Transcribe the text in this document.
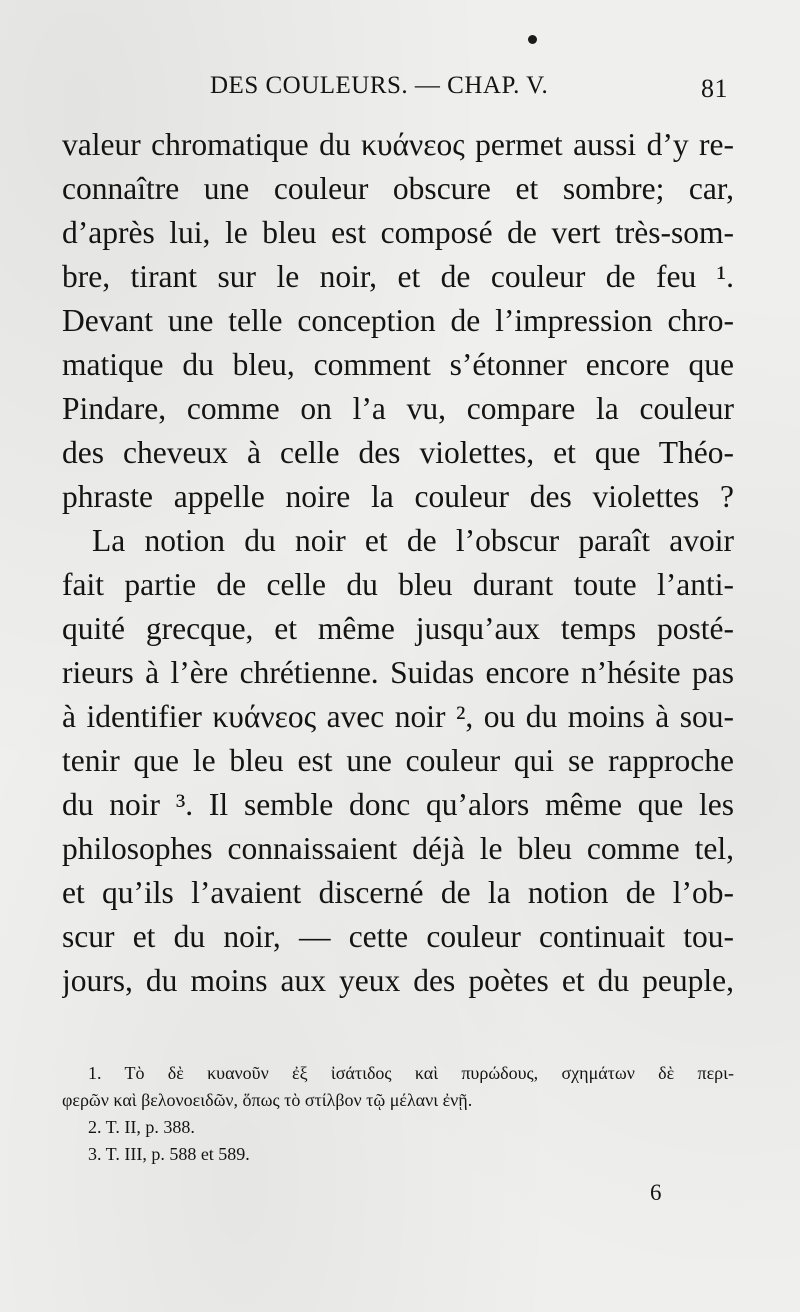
DES COULEURS. — CHAP. V.	81
valeur chromatique du κυάνεος permet aussi d’y re-
connaître une couleur obscure et sombre; car,
d’après lui, le bleu est composé de vert très-som-
bre, tirant sur le noir, et de couleur de feu ¹.
Devant une telle conception de l’impression chro-
matique du bleu, comment s’étonner encore que
Pindare, comme on l’a vu, compare la couleur
des cheveux à celle des violettes, et que Théo-
phraste appelle noire la couleur des violettes ?
La notion du noir et de l’obscur paraît avoir
fait partie de celle du bleu durant toute l’anti-
quité grecque, et même jusqu’aux temps posté-
rieurs à l’ère chrétienne. Suidas encore n’hésite pas
à identifier κυάνεος avec noir ², ou du moins à sou-
tenir que le bleu est une couleur qui se rapproche
du noir ³. Il semble donc qu’alors même que les
philosophes connaissaient déjà le bleu comme tel,
et qu’ils l’avaient discerné de la notion de l’ob-
scur et du noir, — cette couleur continuait tou-
jours, du moins aux yeux des poètes et du peuple,
1. Τὸ δὲ κυανοῦν ἐξ ἰσάτιδος καὶ πυρώδους, σχημάτων δὲ περι-
φερῶν καὶ βελονοειδῶν, ὅπως τὸ στίλβον τῷ μέλανι ἐνῇ.
2. T. II, p. 388.
3. T. III, p. 588 et 589.
6
